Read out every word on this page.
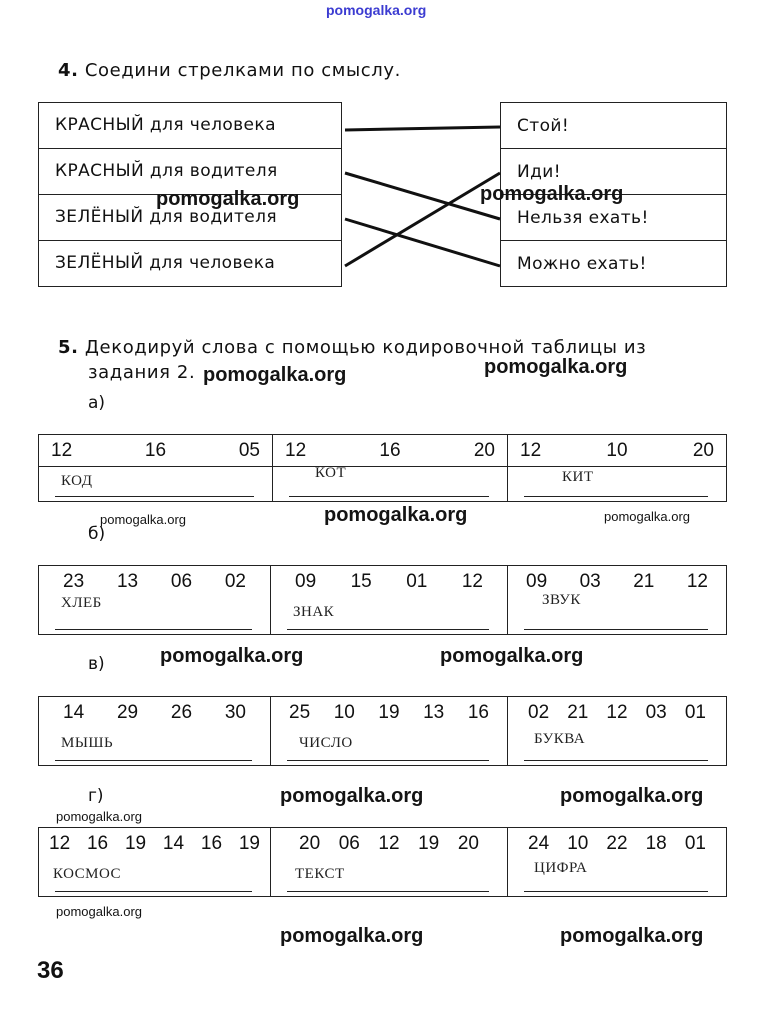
pomogalka.org
4. Соедини стрелками по смыслу.
КРАСНЫЙ для человека
КРАСНЫЙ для водителя
ЗЕЛЁНЫЙ для водителя
ЗЕЛЁНЫЙ для человека
Стой!
Иди!
Нельзя ехать!
Можно ехать!
pomogalka.org	pomogalka.org
5. Декодируй слова с помощью кодировочной таблицы из
задания 2. pomogalka.org	pomogalka.org
а)
12	16	05
КОД

12	16	20
КОТ

12	10	20
КИТ
pomogalka.org	pomogalka.org	pomogalka.org
б)
23 13 06 02
ХЛЕБ

09 15 01 12
ЗНАК

09 03 21 12
ЗВУК
в)	pomogalka.org	pomogalka.org
14 29 26 30
МЫШЬ

25 10 19 13 16
ЧИСЛО

02 21 12 03 01
БУКВА
г)	pomogalka.org	pomogalka.org
pomogalka.org
12 16 19 14 16 19
КОСМОС

20 06 12 19 20
ТЕКСТ

24 10 22 18 01
ЦИФРА
pomogalka.org
pomogalka.org	pomogalka.org
36
